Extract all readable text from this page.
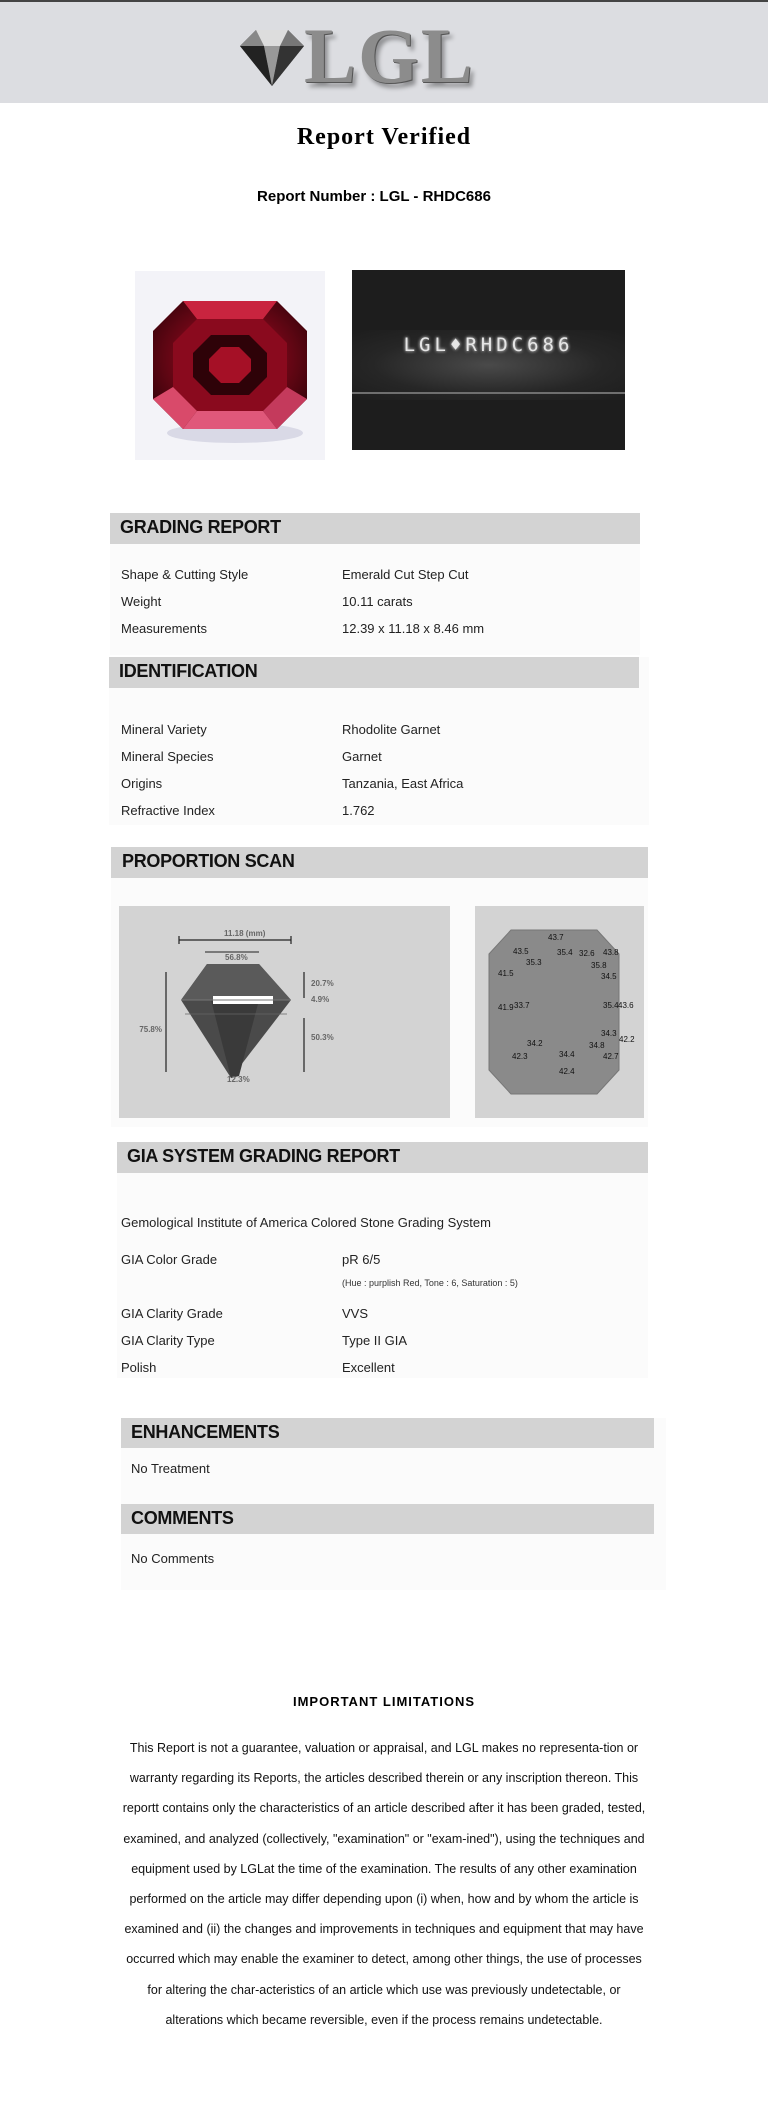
LGL
Report Verified
Report Number : LGL - RHDC686
LGL♦RHDC686
GRADING REPORT
Shape & Cutting Style	Emerald Cut Step Cut
Weight	10.11 carats
Measurements	12.39 x 11.18 x 8.46 mm
IDENTIFICATION
Mineral Variety	Rhodolite Garnet
Mineral Species	Garnet
Origins	Tanzania, East Africa
Refractive Index	1.762
PROPORTION SCAN
11.18 (mm)
56.8%
75.8%
20.7%
4.9%
50.3%
12.3%
43.7
43.5	35.4 32.6 43.8
35.3	35.8
41.5	34.5
41.9 33.7	35.4 43.6
34.3
34.2	34.8
42.2
42.3	34.4	42.7
42.4
GIA SYSTEM GRADING REPORT
Gemological Institute of America Colored Stone Grading System
GIA Color Grade	pR 6/5
(Hue : purplish Red, Tone : 6, Saturation : 5)
GIA Clarity Grade	VVS
GIA Clarity Type	Type II GIA
Polish	Excellent
ENHANCEMENTS
No Treatment
COMMENTS
No Comments
IMPORTANT LIMITATIONS
This Report is not a guarantee, valuation or appraisal, and LGL makes no representa-tion or warranty regarding its Reports, the articles described therein or any inscription thereon. This reportt contains only the characteristics of an article described after it has been graded, tested, examined, and analyzed (collectively, "examination" or "exam-ined"), using the techniques and equipment used by LGLat the time of the examination. The results of any other examination performed on the article may differ depending upon (i) when, how and by whom the article is examined and (ii) the changes and improvements in techniques and equipment that may have occurred which may enable the examiner to detect, among other things, the use of processes for altering the char-acteristics of an article which use was previously undetectable, or alterations which became reversible, even if the process remains undetectable.
